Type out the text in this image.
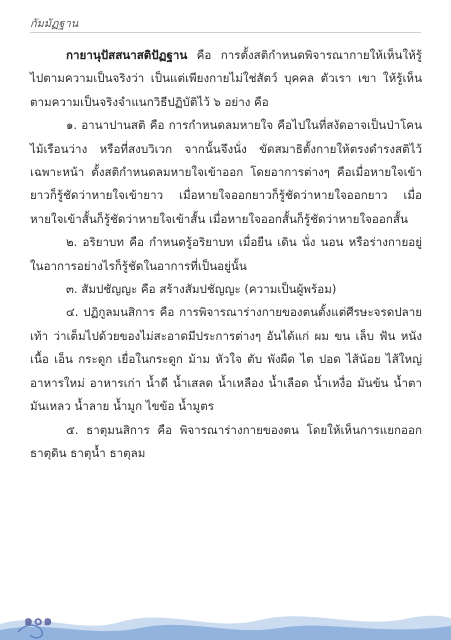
กัมมัฏฐาน

กายานุปัสสนาสติปัฏฐาน คือ การตั้งสติกำหนดพิจารณากายให้เห็นให้รู้ไปตามความเป็นจริงว่า เป็นแต่เพียงกายไม่ใช่สัตว์ บุคคล ตัวเรา เขา ให้รู้เห็นตามความเป็นจริงจำแนกวิธีปฏิบัติไว้ ๖ อย่าง คือ

๑. อานาปานสติ คือ การกำหนดลมหายใจ คือไปในที่สงัดอาจเป็นป่าโคนไม้เรือนว่าง หรือที่สงบวิเวก จากนั้นจึงนั่ง ขัดสมาธิตั้งกายให้ตรงดำรงสติไว้เฉพาะหน้า ตั้งสติกำหนดลมหายใจเข้าออก โดยอาการต่างๆ คือเมื่อหายใจเข้ายาวก็รู้ชัดว่าหายใจเข้ายาว เมื่อหายใจออกยาวก็รู้ชัดว่าหายใจออกยาว เมื่อหายใจเข้าสั้นก็รู้ชัดว่าหายใจเข้าสั้น เมื่อหายใจออกสั้นก็รู้ชัดว่าหายใจออกสั้น

๒. อริยาบท คือ กำหนดรู้อริยาบท เมื่อยืน เดิน นั่ง นอน หรือร่างกายอยู่ในอาการอย่างไรก็รู้ชัดในอาการที่เป็นอยู่นั้น

๓. สัมปชัญญะ คือ สร้างสัมปชัญญะ (ความเป็นผู้พร้อม)

๔. ปฏิกูลมนสิการ คือ การพิจารณาร่างกายของตนตั้งแต่ศีรษะจรดปลายเท้า ว่าเต็มไปด้วยของไม่สะอาดมีประการต่างๆ อันได้แก่ ผม ขน เล็บ ฟัน หนัง เนื้อ เอ็น กระดูก เยื่อในกระดูก ม้าม หัวใจ ตับ พังผืด ไต ปอด ไส้น้อย ไส้ใหญ่ อาหารใหม่ อาหารเก่า น้ำดี น้ำเสลด น้ำเหลือง น้ำเลือด น้ำเหงื่อ มันข้น น้ำตา มันเหลว น้ำลาย น้ำมูก ไขข้อ น้ำมูตร

๕. ธาตุมนสิการ คือ พิจารณาร่างกายของตน โดยให้เห็นการแยกออกธาตุดิน ธาตุน้ำ ธาตุลม

๑๐๑
